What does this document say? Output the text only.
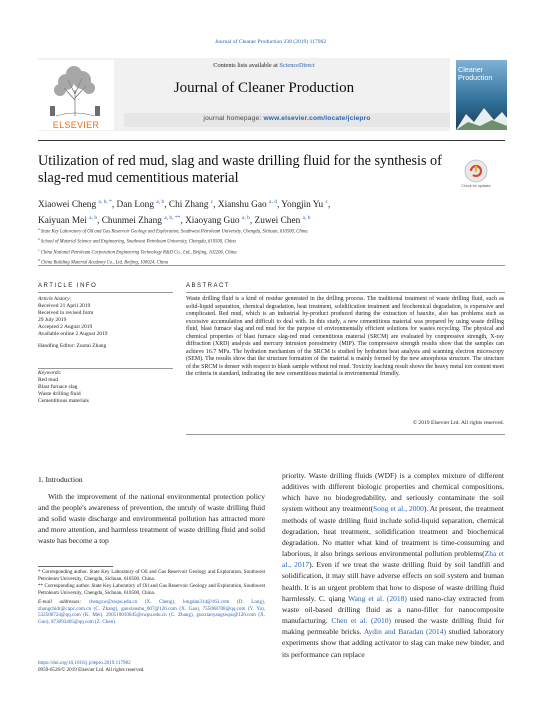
Journal of Cleaner Production 238 (2019) 117902
ELSEVIER
Contents lists available at ScienceDirect
Journal of Cleaner Production
journal homepage: www.elsevier.com/locate/jclepro
Cleaner
Production
Utilization of red mud, slag and waste drilling fluid for the synthesis of slag-red mud cementitious material	Check for updates
Xiaowei Cheng $^{a, b, *}$, Dan Long $^{a, b}$, Chi Zhang $^c$, Xianshu Gao $^{a, d}$, Yongjin Yu $^c$,
Kaiyuan Mei $^{a, b}$, Chunmei Zhang $^{a, b, **}$, Xiaoyang Guo $^{a, b}$, Zuwei Chen $^{a, b}$
$^a$ State Key Laboratory of Oil and Gas Reservoir Geology and Exploration, Southwest Petroleum University, Chengdu, Sichuan, 610500, China
$^b$ School of Material Science and Engineering, Southwest Petroleum University, Chengdu, 610500, China
$^c$ China National Petroleum Corporation Engineering Technology R&D Co., Ltd., Beijing, 102206, China
$^d$ China Building Material Academy Co., Ltd, Beijing, 100024, China
ARTICLE INFO	ABSTRACT
Article history:
Received 21 April 2019
Received in revised form
29 July 2019
Accepted 2 August 2019
Available online 2 August 2019
Handling Editor: Zuotai Zhang
Keywords:
Red mud
Blast furnace slag
Waste drilling fluid
Cementitious materials
Waste drilling fluid is a kind of residue generated in the drilling process. The traditional treatment of waste drilling fluid, such as solid-liquid separation, chemical degradation, heat treatment, solidification treatment and biochemical degradation, is expensive and complicated. Red mud, which is an industrial by-product produced during the extraction of bauxite, also has problems such as excessive accumulation and difficult to deal with. In this study, a new cementitious material was prepared by using waste drilling fluid, blast furnace slag and red mud for the purpose of environmentally efficient solutions for wastes recycling. The physical and chemical properties of blast furnace slag-red mud cementitious material (SRCM) are evaluated by compressive strength, X-ray diffraction (XRD) analysis and mercury intrusion porosimetry (MIP). The compressive strength results show that the samples can achieve 16.7 MPa. The hydration mechanism of the SRCM is studied by hydration heat analysis and scanning electron microscopy (SEM). The results show that the structure formation of the material is mainly formed by the new amorphous structure. The structure of the SRCM is denser with respect to blank sample without red mud. Toxicity leaching result shows the heavy metal ion content meet the criteria in standard, indicating the new cementitious material is environmental friendly.
© 2019 Elsevier Ltd. All rights reserved.
1. Introduction
With the improvement of the national environmental protection policy and the people's awareness of prevention, the unruly of waste drilling fluid and solid waste discharge and environmental pollution has attracted more and more attention, and harmless treatment of waste drilling fluid and solid waste has become a top
* Corresponding author. State Key Laboratory of Oil and Gas Reservoir Geology and Exploration, Southwest Petroleum University, Chengdu, Sichuan, 610500, China.
** Corresponding author. State Key Laboratory of Oil and Gas Reservoir Geology and Exploration, Southwest Petroleum University, Chengdu, Sichuan, 610500, China.
E-mail addresses: chengxw@swpu.edu.cn (X. Cheng), longdan314@163.com (D. Long), zhangchidr@cnpc.com.cn (C. Zhang), gaoxianshu_007@126.com (X. Gao), 755068708@qq.com (Y. Yu), 532506724@qq.com (K. Mei), 200510010045@swpu.edu.cn (C. Zhang), guoxiaoyangswpu@126.com (X. Guo), 873093405@qq.com (Z. Chen).
https://doi.org/10.1016/j.jclepro.2019.117902
0959-6526/© 2019 Elsevier Ltd. All rights reserved.
priority. Waste drilling fluids (WDF) is a complex mixture of different additives with different biologic properties and chemical compositions, which have no biodegredability, and seriously contaminate the soil system without any treatment(Song et al., 2000). At present, the treatment methods of waste drilling fluid include solid-liquid separation, chemical degradation, heat treatment, solidification treatment and biochemical degradation. No matter what kind of treatment is time-consuming and laborious, it also brings serious environmental pollution problems(Zha et al., 2017). Even if we treat the waste drilling fluid by soil landfill and solidification, it may still have adverse effects on soil system and human health. It is an urgent problem that how to dispose of waste drilling fluid harmlessly. C. qiang Wang et al. (2018) used nano-clay extracted from waste oil-based drilling fluid as a nano-filler for nanocomposite manufacturing. Chen et al. (2010) reused the waste drilling fluid for making permeable bricks. Aydin and Baradan (2014) studied laboratory experiments show that adding activator to slag can make new binder, and its performance can replace
